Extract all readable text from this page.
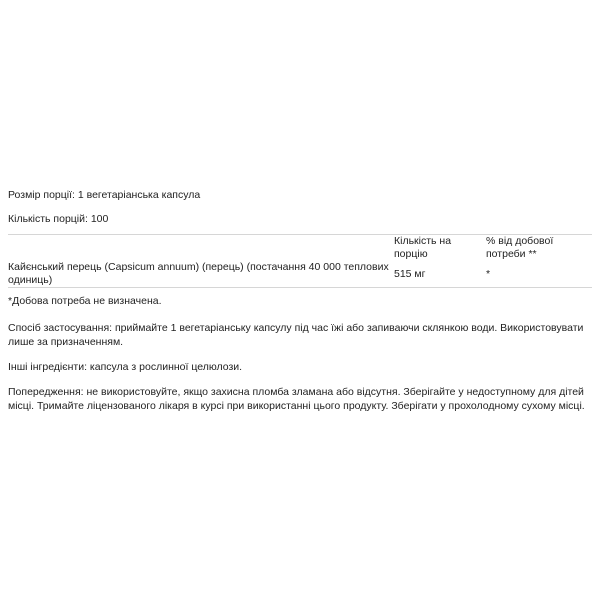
Розмір порції: 1 вегетаріанська капсула

Кількість порцій: 100

	Кількість на порцію	% від добової потреби **
Кайєнський перець (Capsicum annuum) (перець) (постачання 40 000 теплових одиниць)	515 мг	*

*Добова потреба не визначена.

Спосіб застосування: приймайте 1 вегетаріанську капсулу під час їжі або запиваючи склянкою води. Використовувати лише за призначенням.

Інші інгредієнти: капсула з рослинної целюлози.

Попередження: не використовуйте, якщо захисна пломба зламана або відсутня. Зберігайте у недоступному для дітей місці. Тримайте ліцензованого лікаря в курсі при використанні цього продукту. Зберігати у прохолодному сухому місці.
